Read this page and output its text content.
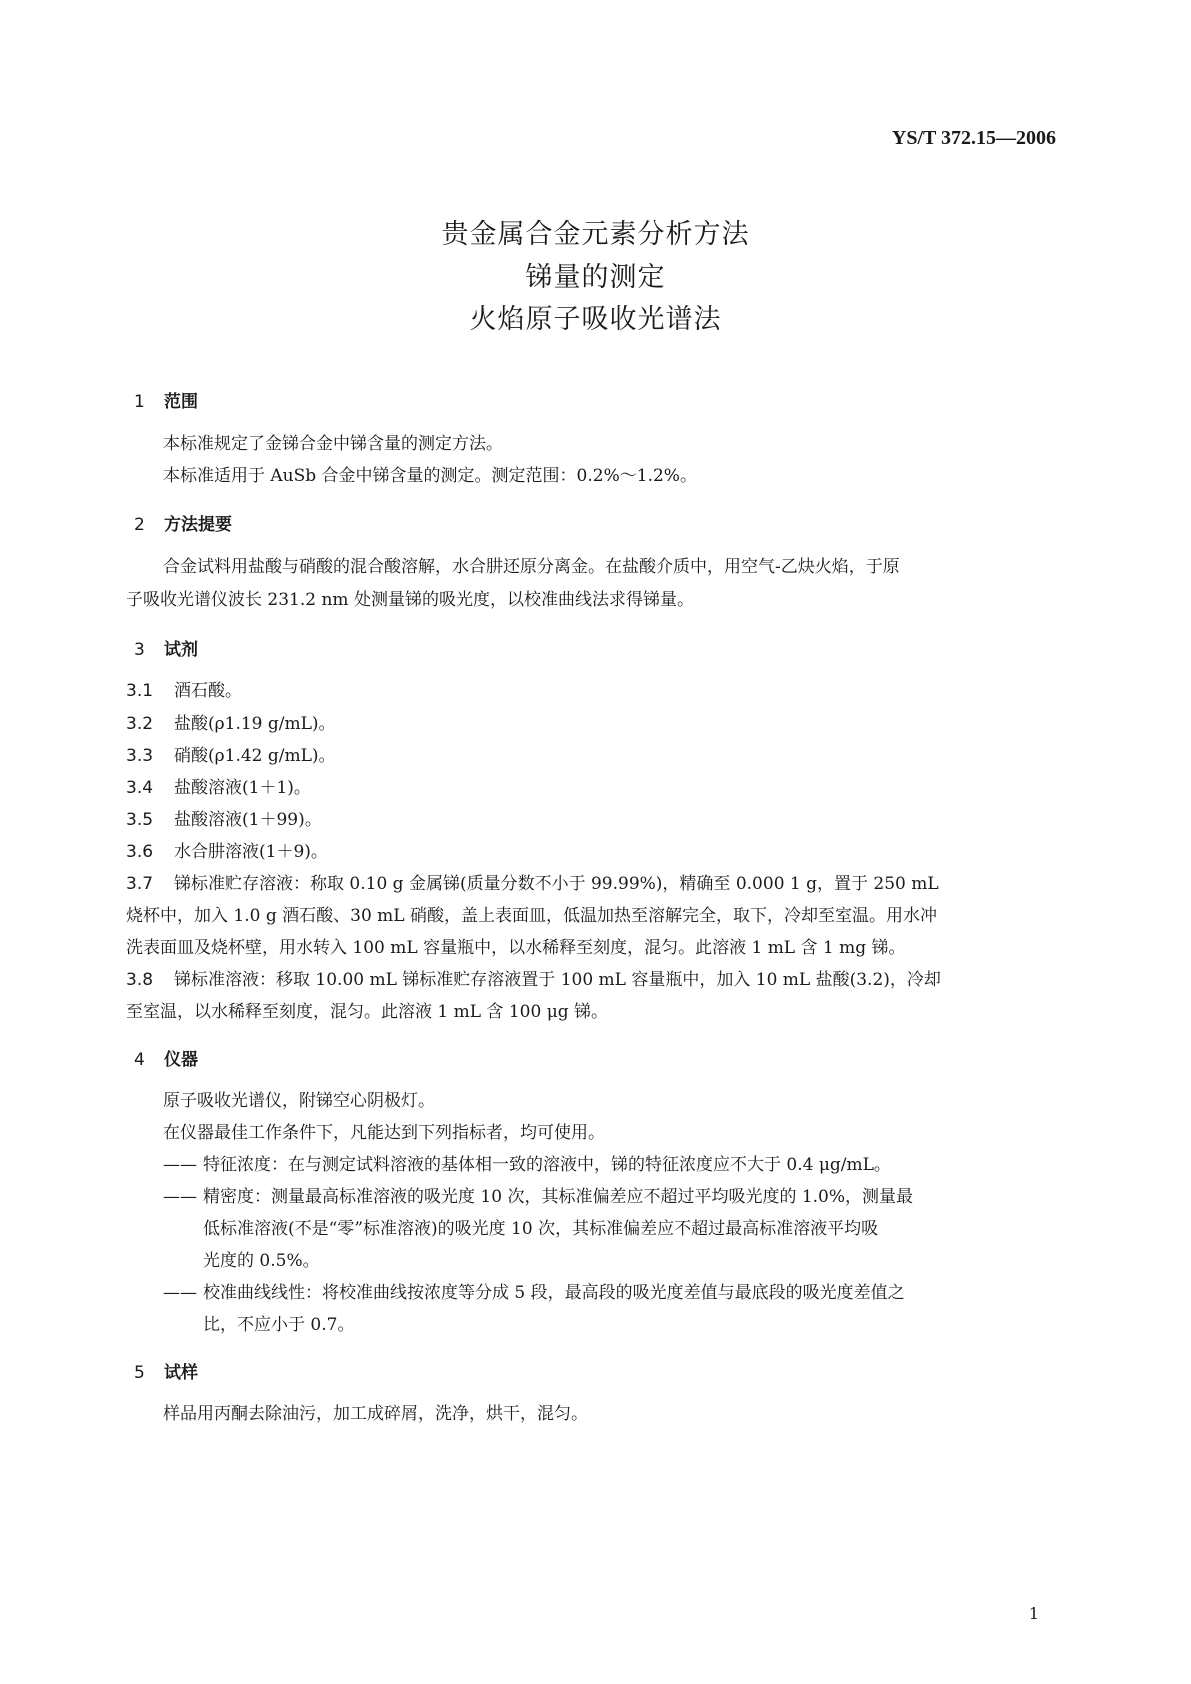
YS/T 372.15—2006
贵金属合金元素分析方法
锑量的测定
火焰原子吸收光谱法
1 范围
本标准规定了金锑合金中锑含量的测定方法。
本标准适用于 AuSb 合金中锑含量的测定。测定范围：0.2%～1.2%。
2 方法提要
合金试料用盐酸与硝酸的混合酸溶解，水合肼还原分离金。在盐酸介质中，用空气-乙炔火焰，于原
子吸收光谱仪波长 231.2 nm 处测量锑的吸光度，以校准曲线法求得锑量。
3 试剂
3.1 酒石酸。
3.2 盐酸(ρ1.19 g/mL)。
3.3 硝酸(ρ1.42 g/mL)。
3.4 盐酸溶液(1＋1)。
3.5 盐酸溶液(1＋99)。
3.6 水合肼溶液(1＋9)。
3.7 锑标准贮存溶液：称取 0.10 g 金属锑(质量分数不小于 99.99%)，精确至 0.000 1 g，置于 250 mL
烧杯中，加入 1.0 g 酒石酸、30 mL 硝酸，盖上表面皿，低温加热至溶解完全，取下，冷却至室温。用水冲
洗表面皿及烧杯壁，用水转入 100 mL 容量瓶中，以水稀释至刻度，混匀。此溶液 1 mL 含 1 mg 锑。
3.8 锑标准溶液：移取 10.00 mL 锑标准贮存溶液置于 100 mL 容量瓶中，加入 10 mL 盐酸(3.2)，冷却
至室温，以水稀释至刻度，混匀。此溶液 1 mL 含 100 μg 锑。
4 仪器
原子吸收光谱仪，附锑空心阴极灯。
在仪器最佳工作条件下，凡能达到下列指标者，均可使用。
—— 特征浓度：在与测定试料溶液的基体相一致的溶液中，锑的特征浓度应不大于 0.4 μg/mL。
—— 精密度：测量最高标准溶液的吸光度 10 次，其标准偏差应不超过平均吸光度的 1.0%，测量最
低标准溶液(不是“零”标准溶液)的吸光度 10 次，其标准偏差应不超过最高标准溶液平均吸
光度的 0.5%。
—— 校准曲线线性：将校准曲线按浓度等分成 5 段，最高段的吸光度差值与最底段的吸光度差值之
比，不应小于 0.7。
5 试样
样品用丙酮去除油污，加工成碎屑，洗净，烘干，混匀。
1
